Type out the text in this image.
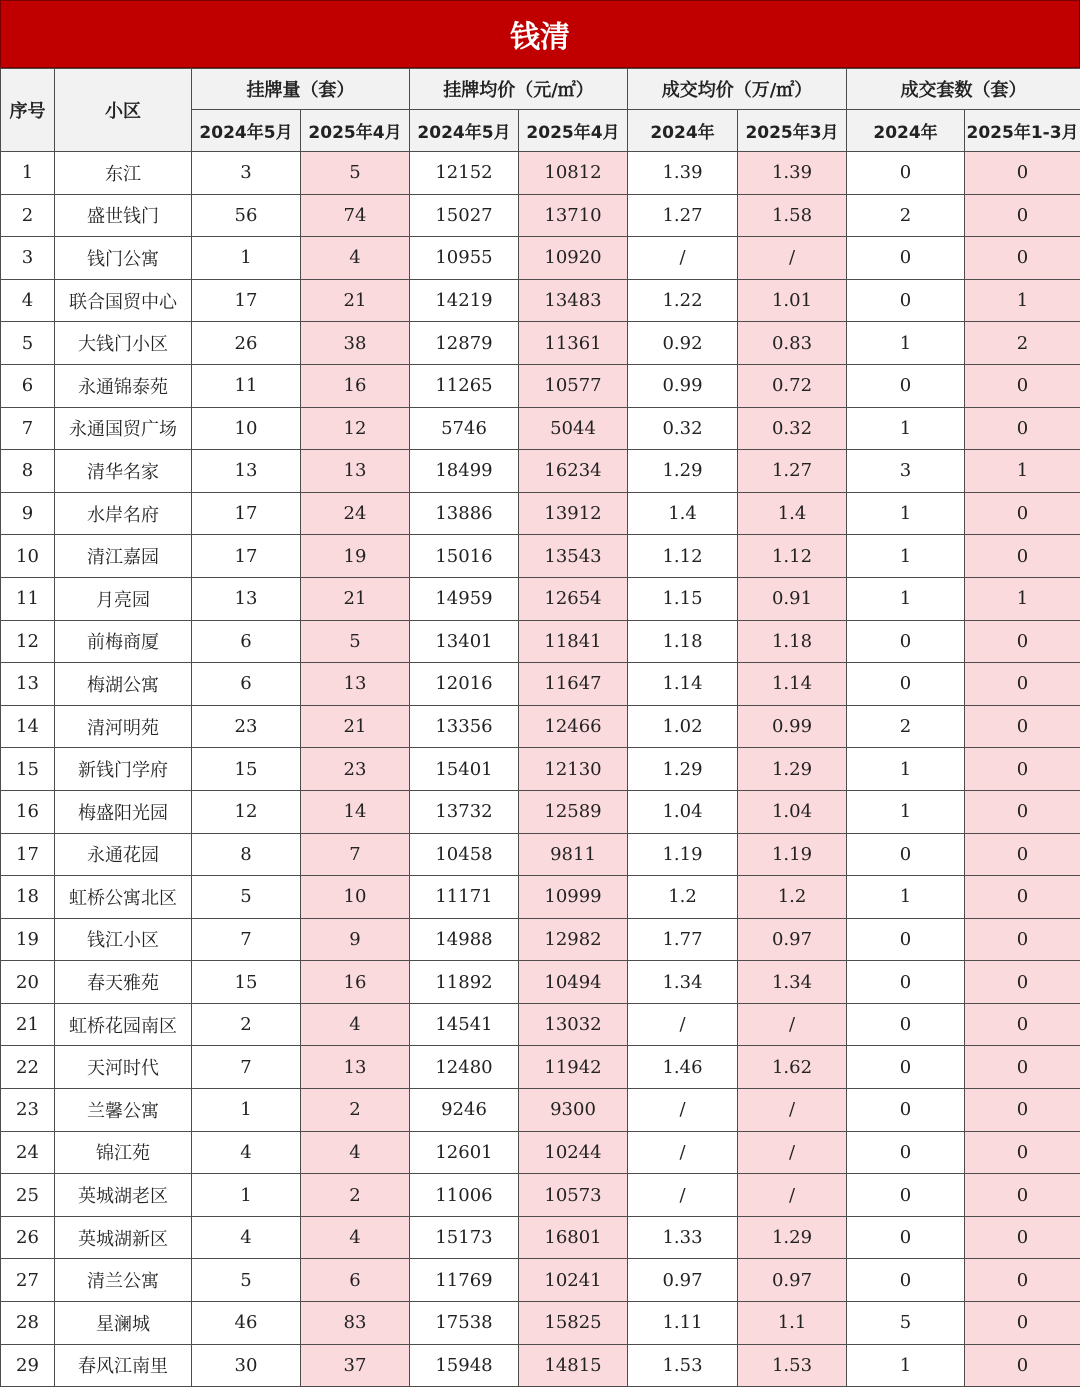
钱清
序号	小区	挂牌量（套）		挂牌均价（元/㎡）		成交均价（万/㎡）		成交套数（套）	
		2024年5月	2025年4月	2024年5月	2025年4月	2024年	2025年3月	2024年	2025年1-3月
1	东江	3	5	12152	10812	1.39	1.39	0	0
2	盛世钱门	56	74	15027	13710	1.27	1.58	2	0
3	钱门公寓	1	4	10955	10920	/	/	0	0
4	联合国贸中心	17	21	14219	13483	1.22	1.01	0	1
5	大钱门小区	26	38	12879	11361	0.92	0.83	1	2
6	永通锦泰苑	11	16	11265	10577	0.99	0.72	0	0
7	永通国贸广场	10	12	5746	5044	0.32	0.32	1	0
8	清华名家	13	13	18499	16234	1.29	1.27	3	1
9	水岸名府	17	24	13886	13912	1.4	1.4	1	0
10	清江嘉园	17	19	15016	13543	1.12	1.12	1	0
11	月亮园	13	21	14959	12654	1.15	0.91	1	1
12	前梅商厦	6	5	13401	11841	1.18	1.18	0	0
13	梅湖公寓	6	13	12016	11647	1.14	1.14	0	0
14	清河明苑	23	21	13356	12466	1.02	0.99	2	0
15	新钱门学府	15	23	15401	12130	1.29	1.29	1	0
16	梅盛阳光园	12	14	13732	12589	1.04	1.04	1	0
17	永通花园	8	7	10458	9811	1.19	1.19	0	0
18	虹桥公寓北区	5	10	11171	10999	1.2	1.2	1	0
19	钱江小区	7	9	14988	12982	1.77	0.97	0	0
20	春天雅苑	15	16	11892	10494	1.34	1.34	0	0
21	虹桥花园南区	2	4	14541	13032	/	/	0	0
22	天河时代	7	13	12480	11942	1.46	1.62	0	0
23	兰馨公寓	1	2	9246	9300	/	/	0	0
24	锦江苑	4	4	12601	10244	/	/	0	0
25	英城湖老区	1	2	11006	10573	/	/	0	0
26	英城湖新区	4	4	15173	16801	1.33	1.29	0	0
27	清兰公寓	5	6	11769	10241	0.97	0.97	0	0
28	星澜城	46	83	17538	15825	1.11	1.1	5	0
29	春风江南里	30	37	15948	14815	1.53	1.53	1	0
